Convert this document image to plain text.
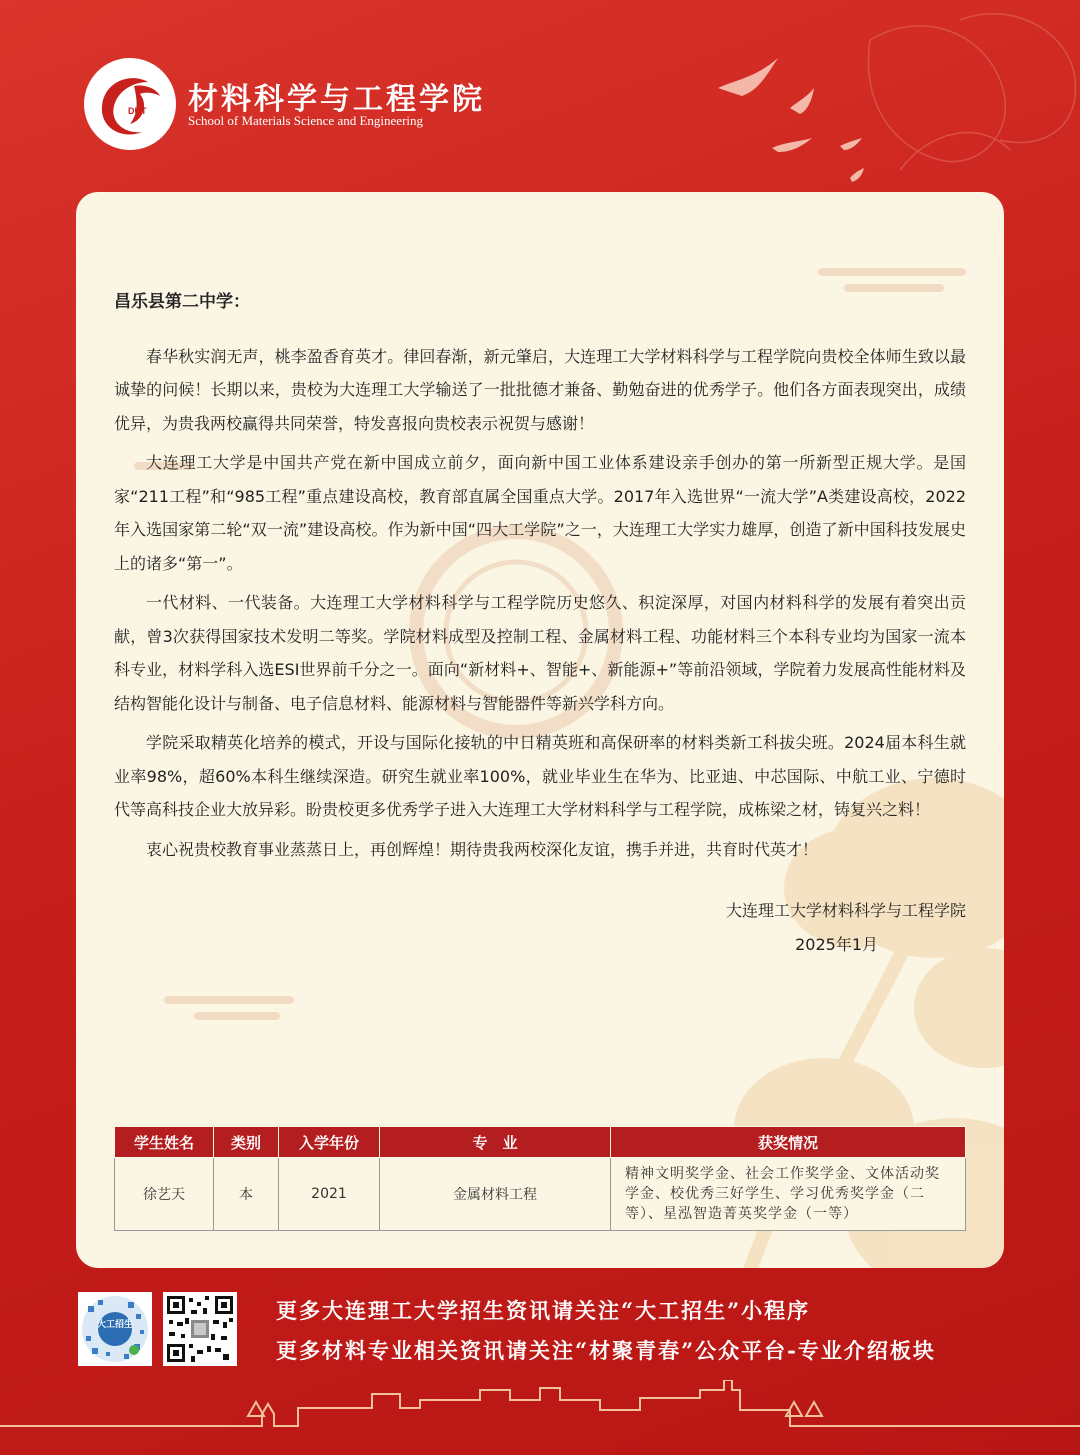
DUT 材料科学与工程学院
School of Materials Science and Engineering

昌乐县第二中学：

春华秋实润无声，桃李盈香育英才。律回春渐，新元肇启，大连理工大学材料科学与工程学院向贵校全体师生致以最诚挚的问候！长期以来，贵校为大连理工大学输送了一批批德才兼备、勤勉奋进的优秀学子。他们各方面表现突出，成绩优异，为贵我两校赢得共同荣誉，特发喜报向贵校表示祝贺与感谢！

大连理工大学是中国共产党在新中国成立前夕，面向新中国工业体系建设亲手创办的第一所新型正规大学。是国家“211工程”和“985工程”重点建设高校，教育部直属全国重点大学。2017年入选世界“一流大学”A类建设高校，2022年入选国家第二轮“双一流”建设高校。作为新中国“四大工学院”之一，大连理工大学实力雄厚，创造了新中国科技发展史上的诸多“第一”。

一代材料、一代装备。大连理工大学材料科学与工程学院历史悠久、积淀深厚，对国内材料科学的发展有着突出贡献，曾3次获得国家技术发明二等奖。学院材料成型及控制工程、金属材料工程、功能材料三个本科专业均为国家一流本科专业，材料学科入选ESI世界前千分之一。面向“新材料+、智能+、新能源+”等前沿领域，学院着力发展高性能材料及结构智能化设计与制备、电子信息材料、能源材料与智能器件等新兴学科方向。

学院采取精英化培养的模式，开设与国际化接轨的中日精英班和高保研率的材料类新工科拔尖班。2024届本科生就业率98%，超60%本科生继续深造。研究生就业率100%，就业毕业生在华为、比亚迪、中芯国际、中航工业、宁德时代等高科技企业大放异彩。盼贵校更多优秀学子进入大连理工大学材料科学与工程学院，成栋梁之材，铸复兴之料！

衷心祝贵校教育事业蒸蒸日上，再创辉煌！期待贵我两校深化友谊，携手并进，共育时代英才！

大连理工大学材料科学与工程学院
2025年1月
学生姓名	类别	入学年份	专　业	获奖情况
徐艺天	本	2021	金属材料工程	精神文明奖学金、社会工作奖学金、文体活动奖学金、校优秀三好学生、学习优秀奖学金（二等）、星泓智造菁英奖学金（一等）
大工招生
更多大连理工大学招生资讯请关注“大工招生”小程序
更多材料专业相关资讯请关注“材聚青春”公众平台-专业介绍板块
